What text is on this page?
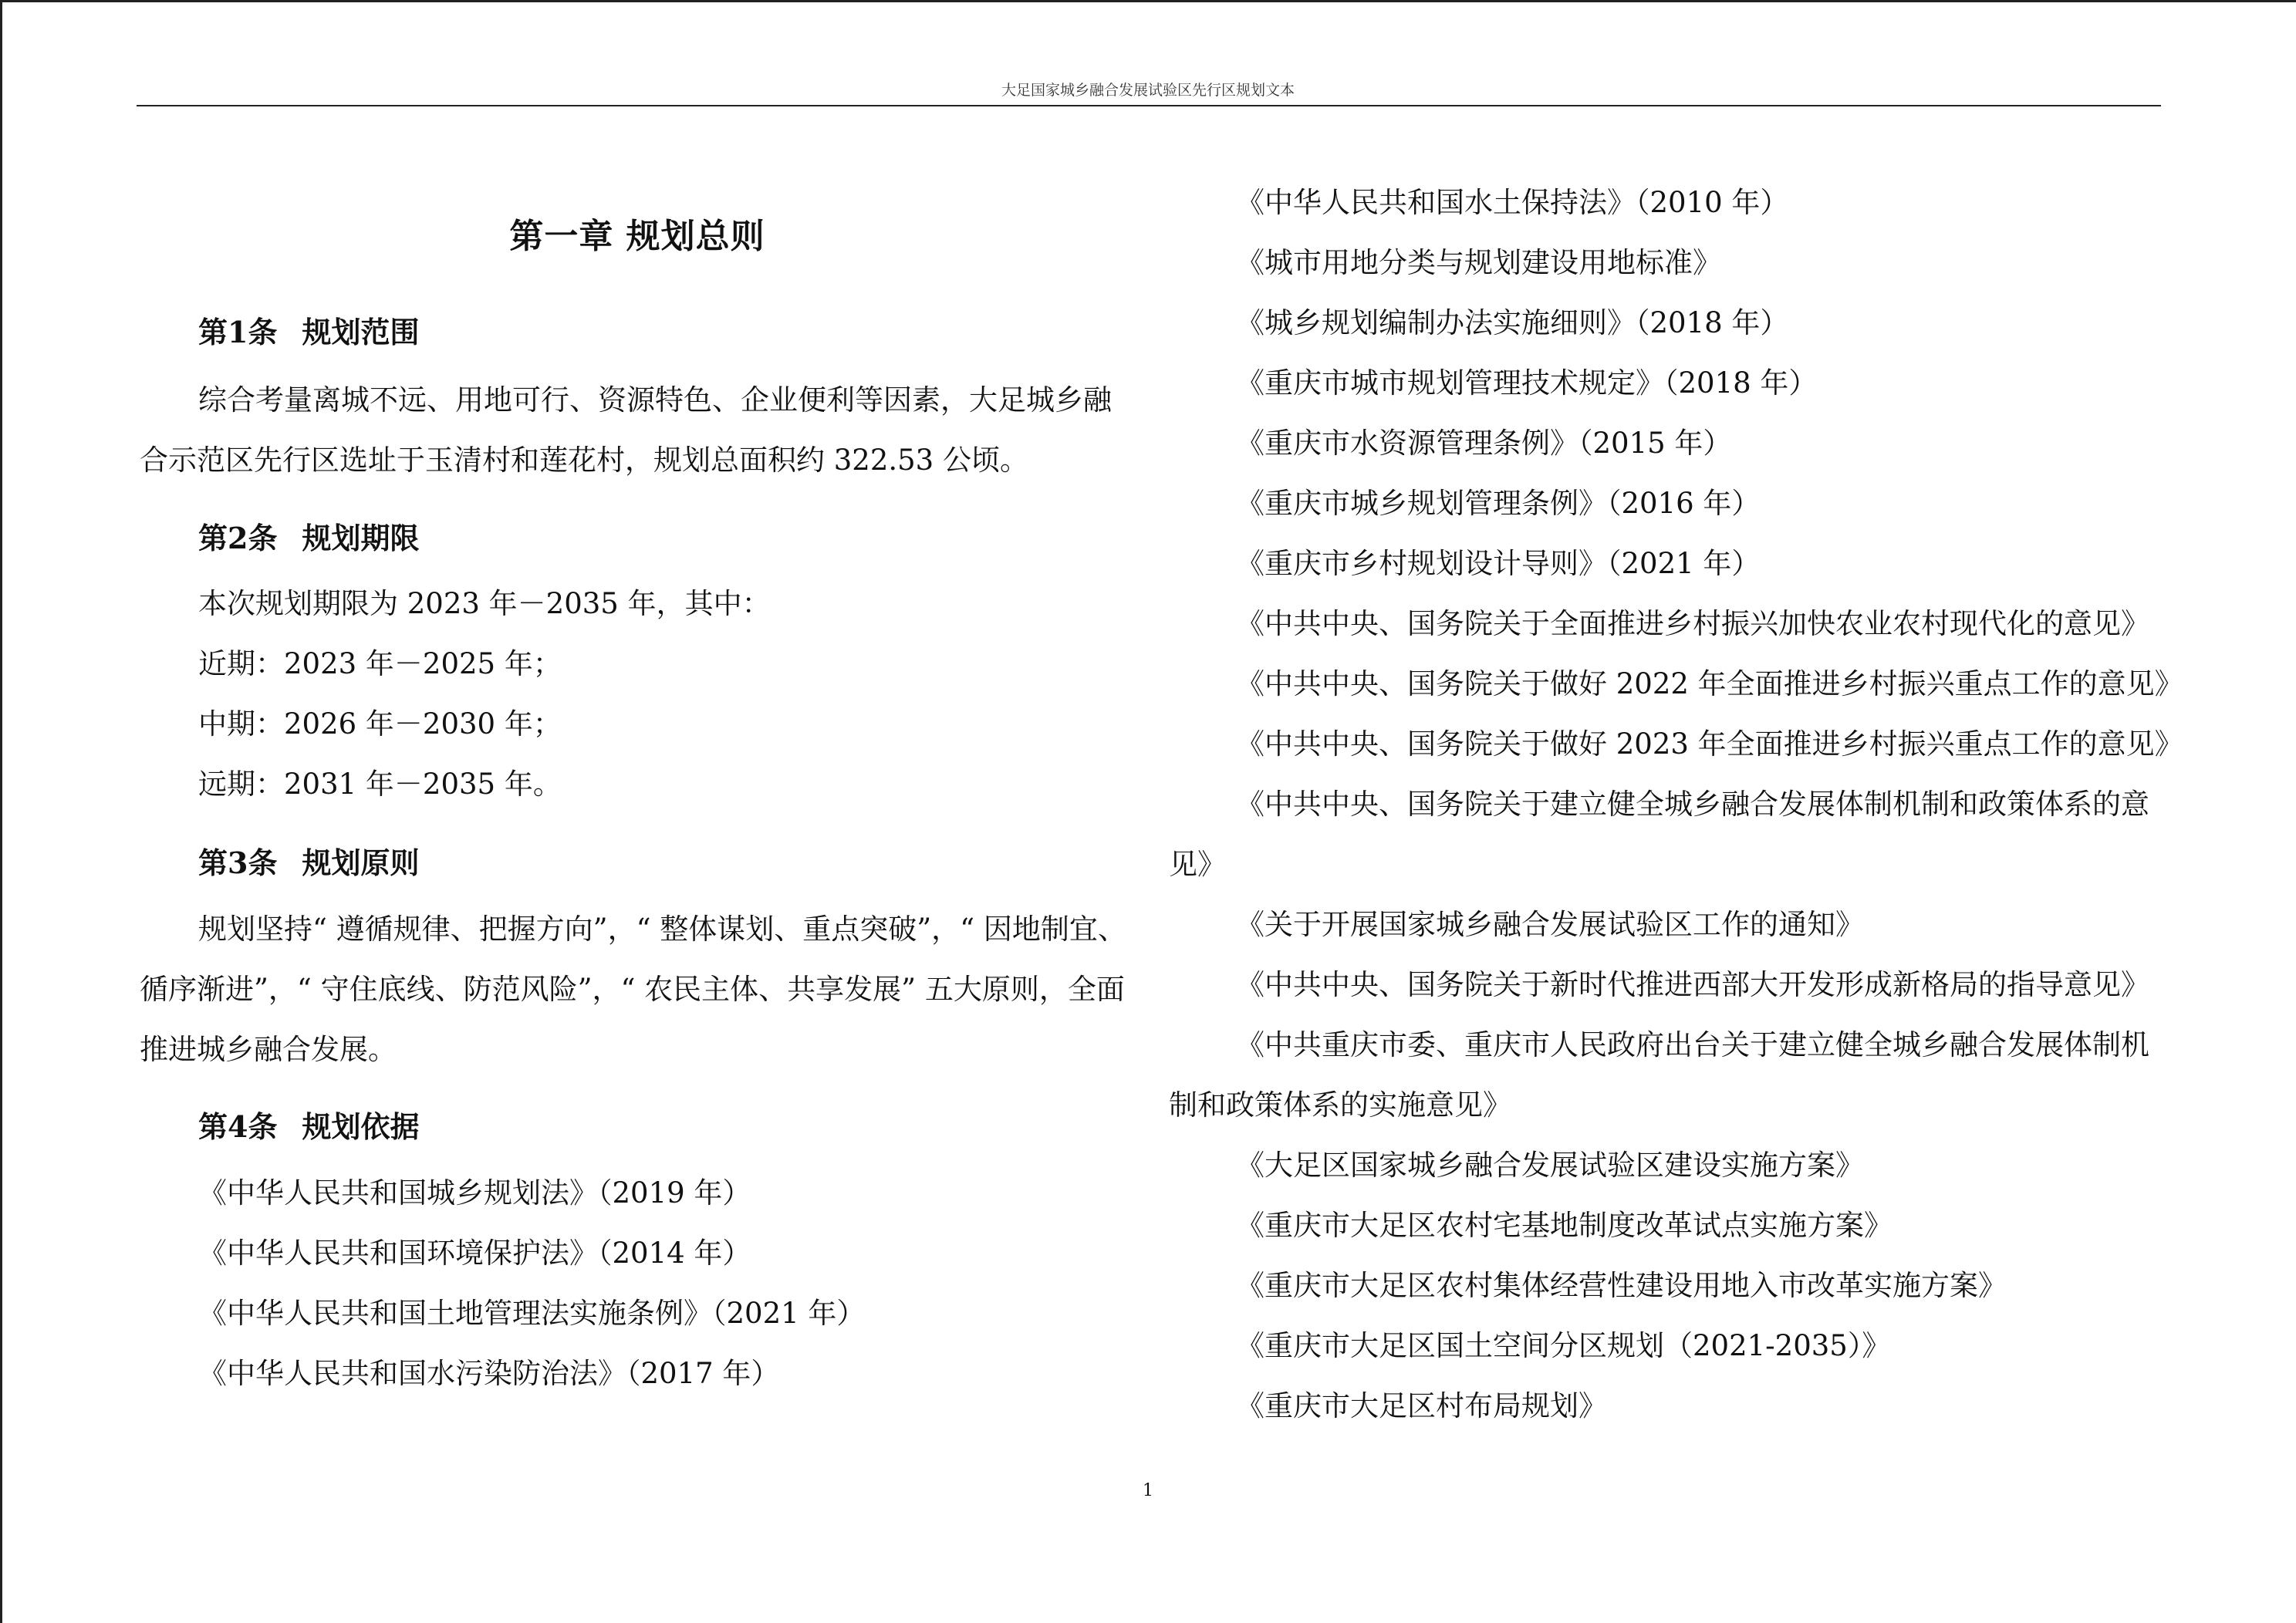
大足国家城乡融合发展试验区先行区规划文本
第一章 规划总则
第1条 规划范围
综合考量离城不远、用地可行、资源特色、企业便利等因素，大足城乡融
合示范区先行区选址于玉清村和莲花村，规划总面积约 322.53 公顷。
第2条 规划期限
本次规划期限为 2023 年－2035 年，其中：
近期：2023 年－2025 年；
中期：2026 年－2030 年；
远期：2031 年－2035 年。
第3条 规划原则
规划坚持“ 遵循规律、把握方向”，“ 整体谋划、重点突破”，“ 因地制宜、
循序渐进”，“ 守住底线、防范风险”，“ 农民主体、共享发展” 五大原则，全面
推进城乡融合发展。
第4条 规划依据
《中华人民共和国城乡规划法》（2019 年）
《中华人民共和国环境保护法》（2014 年）
《中华人民共和国土地管理法实施条例》（2021 年）
《中华人民共和国水污染防治法》（2017 年）
《中华人民共和国水土保持法》（2010 年）
《城市用地分类与规划建设用地标准》
《城乡规划编制办法实施细则》（2018 年）
《重庆市城市规划管理技术规定》（2018 年）
《重庆市水资源管理条例》（2015 年）
《重庆市城乡规划管理条例》（2016 年）
《重庆市乡村规划设计导则》（2021 年）
《中共中央、国务院关于全面推进乡村振兴加快农业农村现代化的意见》
《中共中央、国务院关于做好 2022 年全面推进乡村振兴重点工作的意见》
《中共中央、国务院关于做好 2023 年全面推进乡村振兴重点工作的意见》
《中共中央、国务院关于建立健全城乡融合发展体制机制和政策体系的意
见》
《关于开展国家城乡融合发展试验区工作的通知》
《中共中央、国务院关于新时代推进西部大开发形成新格局的指导意见》
《中共重庆市委、重庆市人民政府出台关于建立健全城乡融合发展体制机
制和政策体系的实施意见》
《大足区国家城乡融合发展试验区建设实施方案》
《重庆市大足区农村宅基地制度改革试点实施方案》
《重庆市大足区农村集体经营性建设用地入市改革实施方案》
《重庆市大足区国土空间分区规划（2021-2035）》
《重庆市大足区村布局规划》
1
